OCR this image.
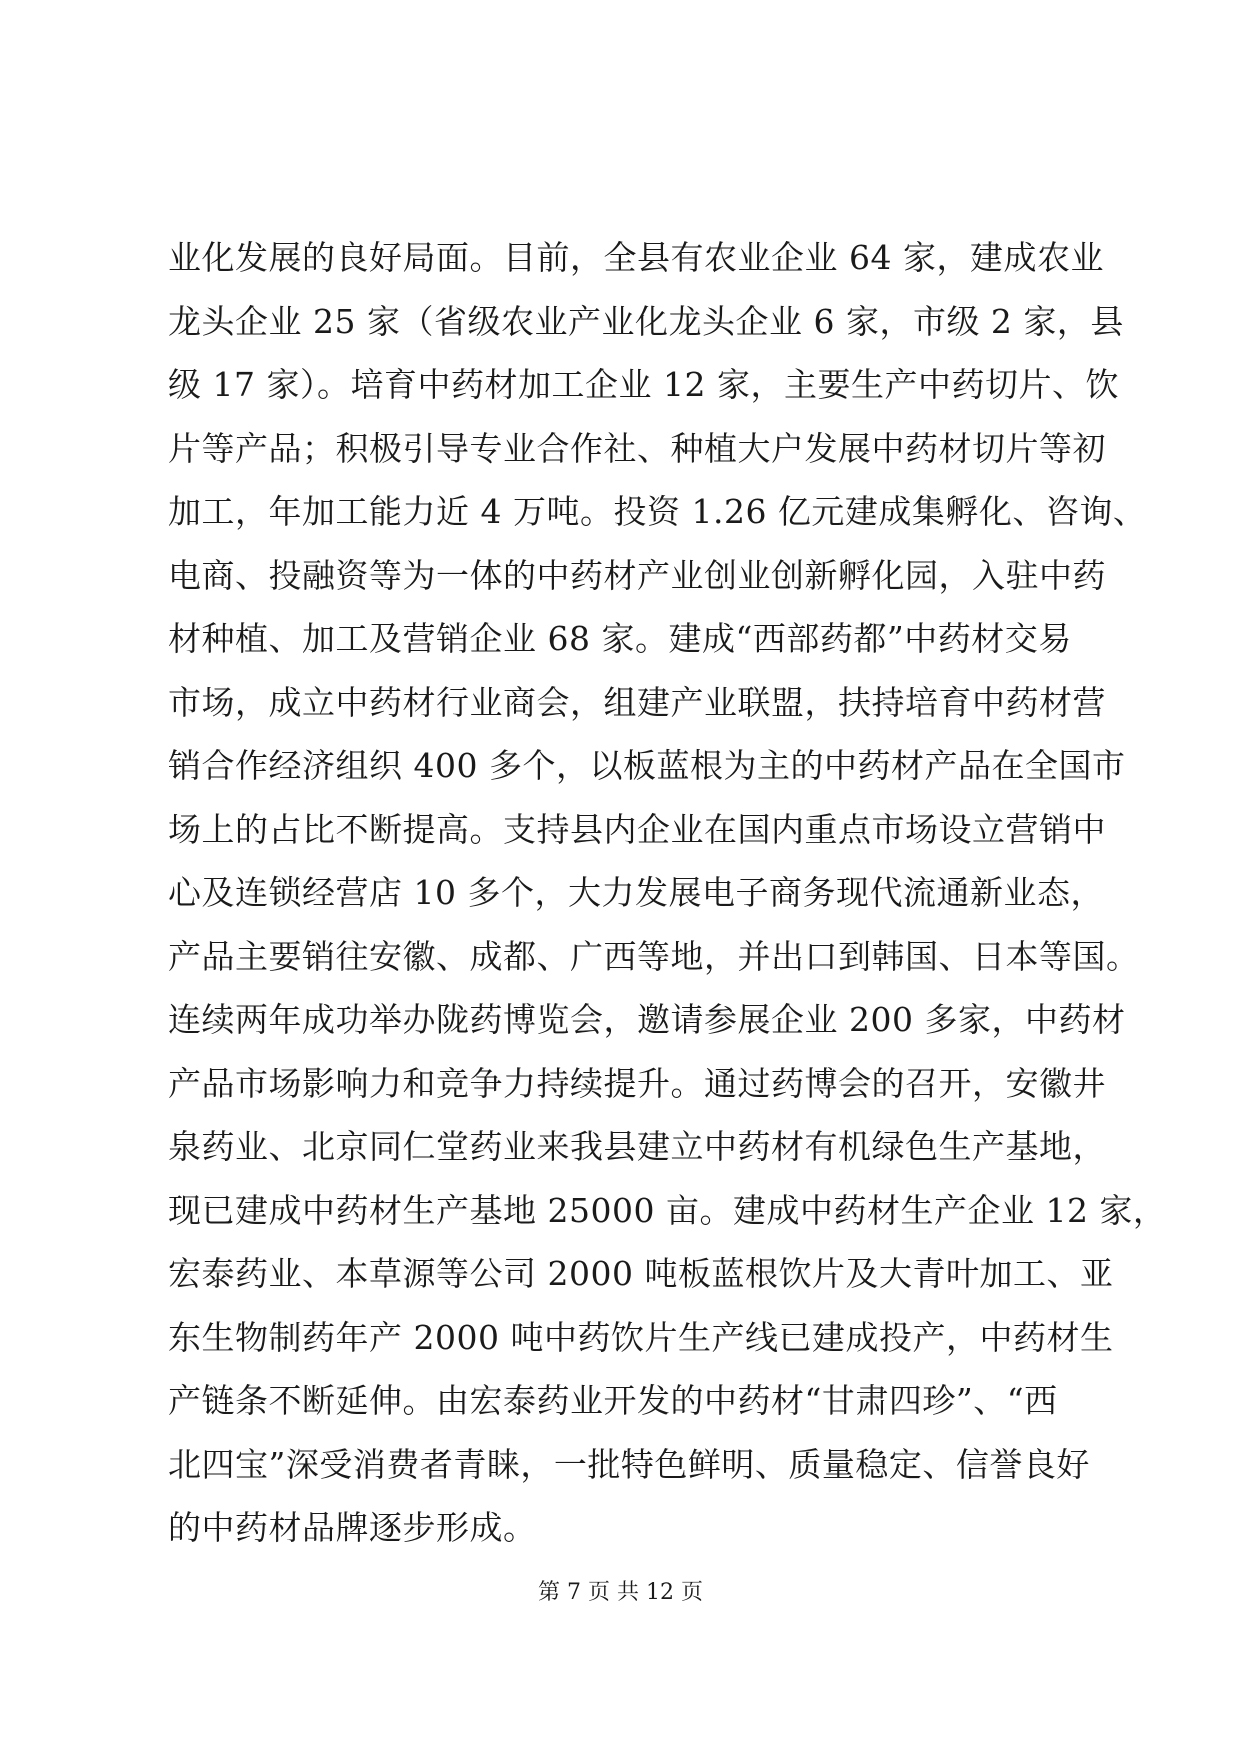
业化发展的良好局面。目前，全县有农业企业 64 家，建成农业
龙头企业 25 家（省级农业产业化龙头企业 6 家，市级 2 家，县
级 17 家）。培育中药材加工企业 12 家，主要生产中药切片、饮
片等产品；积极引导专业合作社、种植大户发展中药材切片等初
加工，年加工能力近 4 万吨。投资 1.26 亿元建成集孵化、咨询、
电商、投融资等为一体的中药材产业创业创新孵化园，入驻中药
材种植、加工及营销企业 68 家。建成“西部药都”中药材交易
市场，成立中药材行业商会，组建产业联盟，扶持培育中药材营
销合作经济组织 400 多个，以板蓝根为主的中药材产品在全国市
场上的占比不断提高。支持县内企业在国内重点市场设立营销中
心及连锁经营店 10 多个，大力发展电子商务现代流通新业态，
产品主要销往安徽、成都、广西等地，并出口到韩国、日本等国。
连续两年成功举办陇药博览会，邀请参展企业 200 多家，中药材
产品市场影响力和竞争力持续提升。通过药博会的召开，安徽井
泉药业、北京同仁堂药业来我县建立中药材有机绿色生产基地，
现已建成中药材生产基地 25000 亩。建成中药材生产企业 12 家，
宏泰药业、本草源等公司 2000 吨板蓝根饮片及大青叶加工、亚
东生物制药年产 2000 吨中药饮片生产线已建成投产，中药材生
产链条不断延伸。由宏泰药业开发的中药材“甘肃四珍”、“西
北四宝”深受消费者青睐，一批特色鲜明、质量稳定、信誉良好
的中药材品牌逐步形成。
第 7 页 共 12 页
